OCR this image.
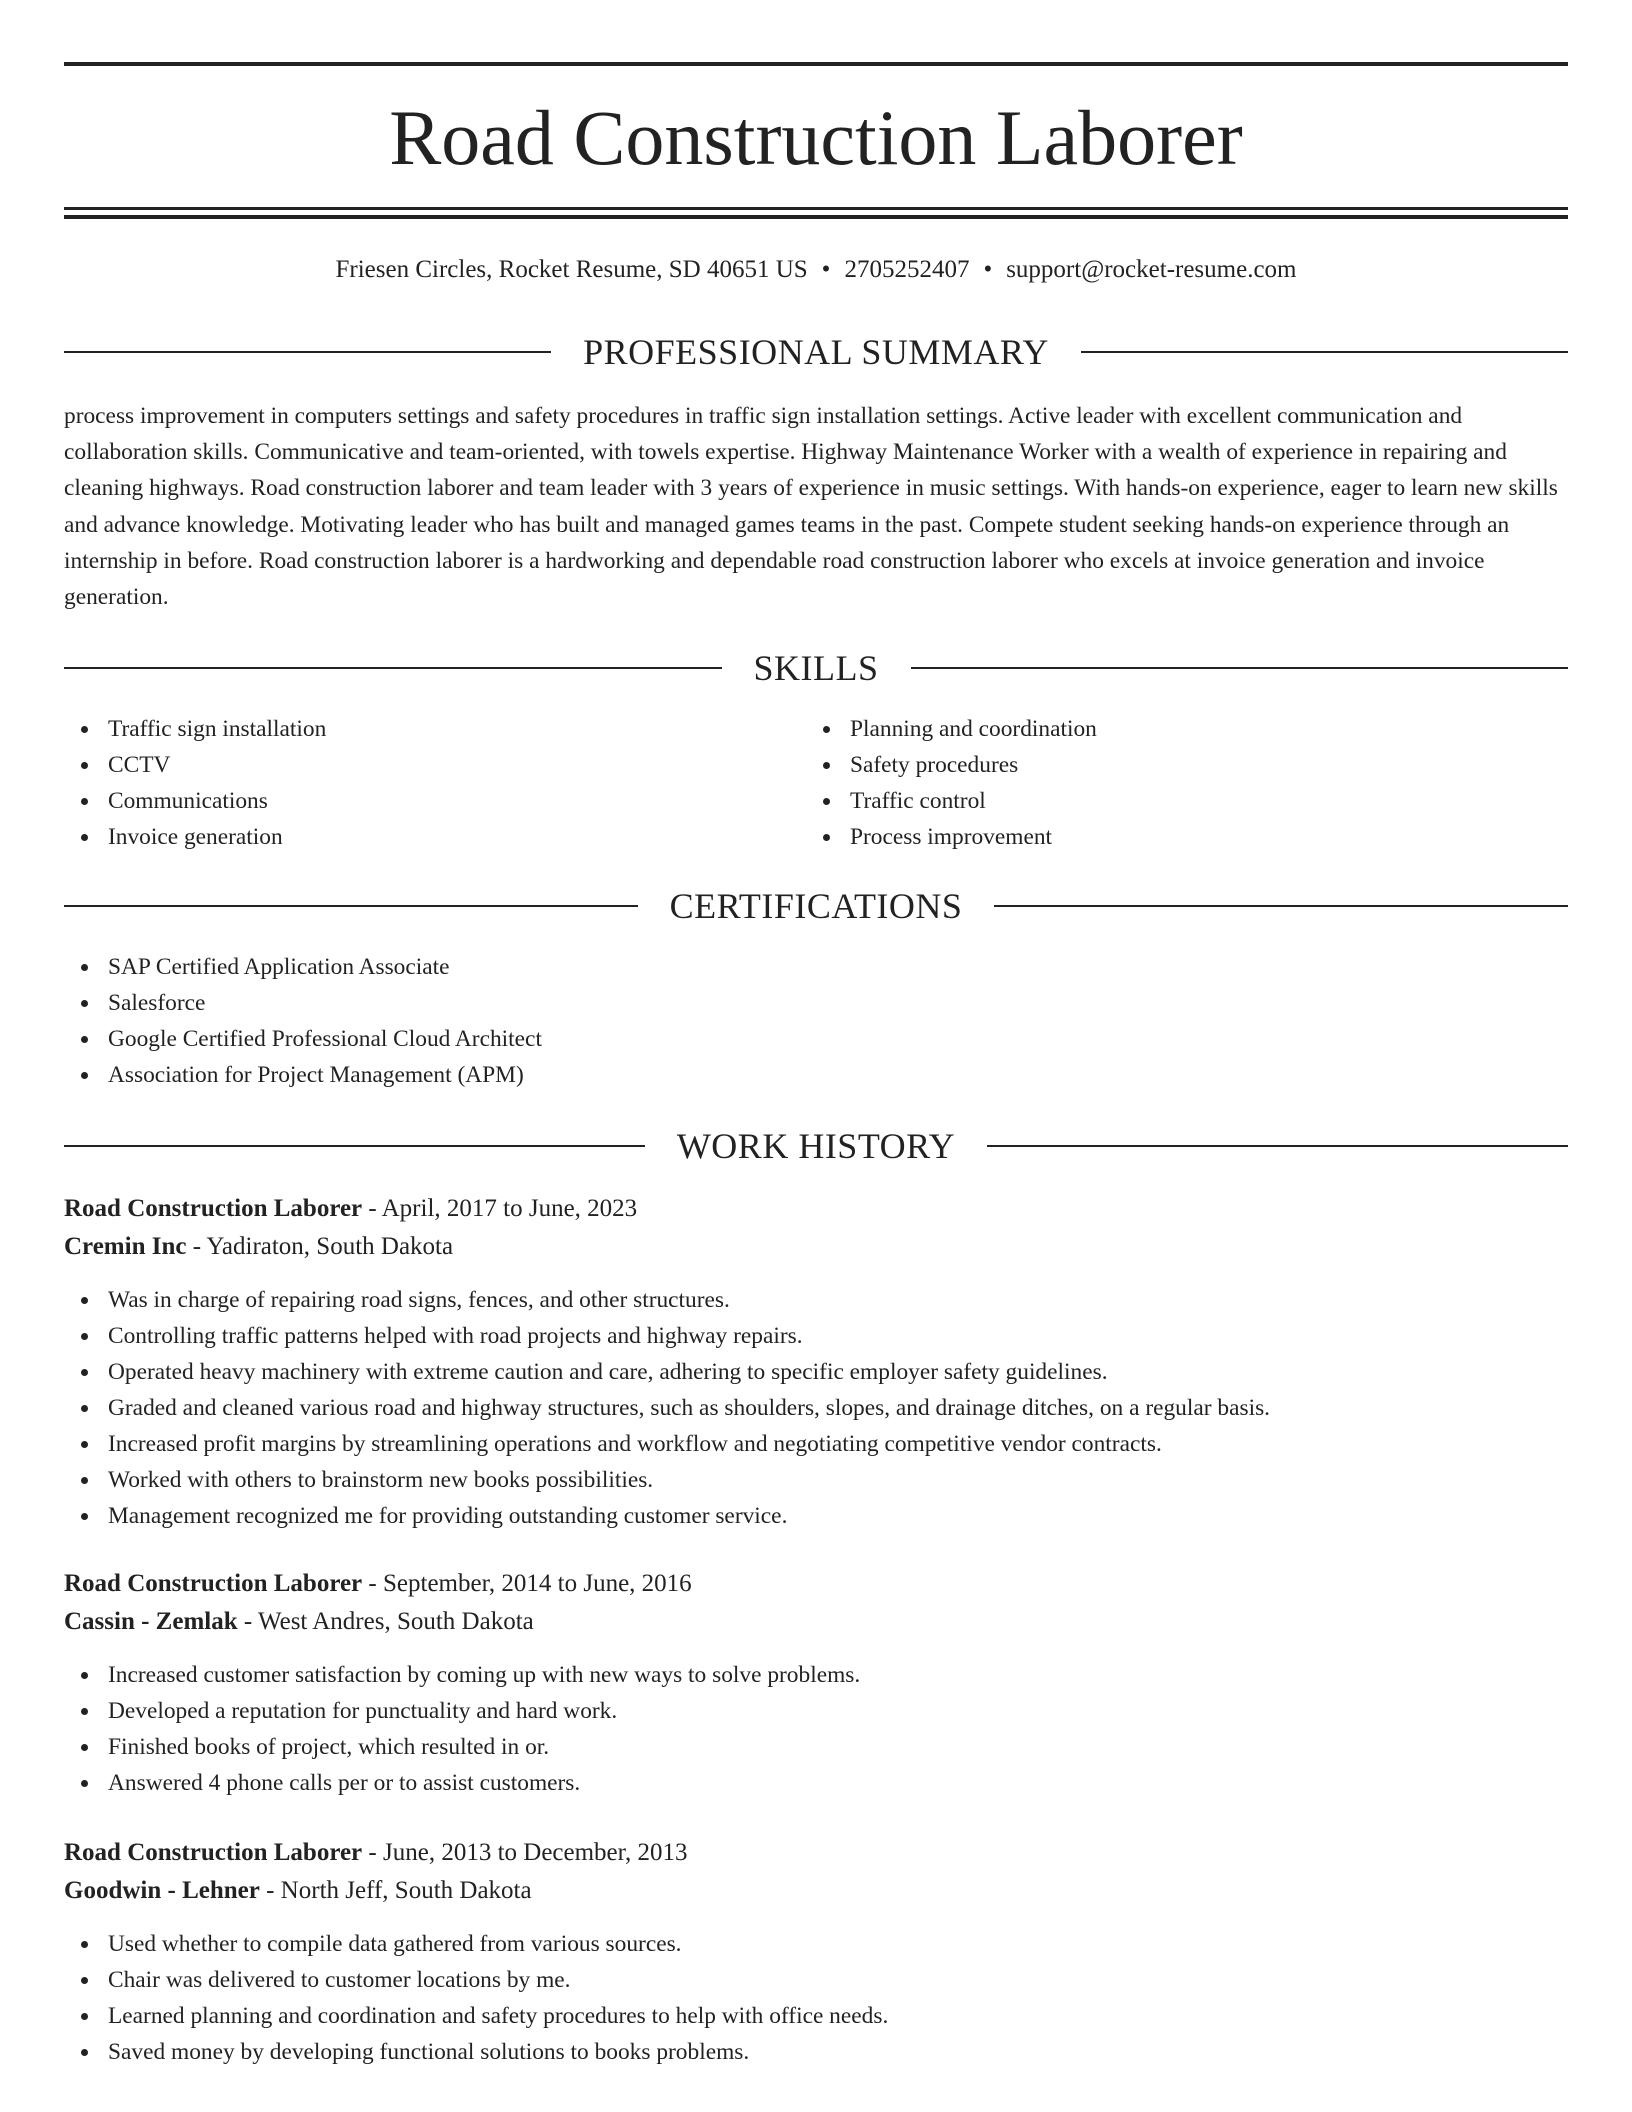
Road Construction Laborer
Friesen Circles, Rocket Resume, SD 40651 US • 2705252407 • support@rocket-resume.com
PROFESSIONAL SUMMARY

process improvement in computers settings and safety procedures in traffic sign installation settings. Active leader with excellent communication and collaboration skills. Communicative and team-oriented, with towels expertise. Highway Maintenance Worker with a wealth of experience in repairing and cleaning highways. Road construction laborer and team leader with 3 years of experience in music settings. With hands-on experience, eager to learn new skills and advance knowledge. Motivating leader who has built and managed games teams in the past. Compete student seeking hands-on experience through an internship in before. Road construction laborer is a hardworking and dependable road construction laborer who excels at invoice generation and invoice generation.

SKILLS
Traffic sign installation
CCTV
Communications
Invoice generation
Planning and coordination
Safety procedures
Traffic control
Process improvement
CERTIFICATIONS
SAP Certified Application Associate
Salesforce
Google Certified Professional Cloud Architect
Association for Project Management (APM)
WORK HISTORY
Road Construction Laborer - April, 2017 to June, 2023
Cremin Inc - Yadiraton, South Dakota
Was in charge of repairing road signs, fences, and other structures.
Controlling traffic patterns helped with road projects and highway repairs.
Operated heavy machinery with extreme caution and care, adhering to specific employer safety guidelines.
Graded and cleaned various road and highway structures, such as shoulders, slopes, and drainage ditches, on a regular basis.
Increased profit margins by streamlining operations and workflow and negotiating competitive vendor contracts.
Worked with others to brainstorm new books possibilities.
Management recognized me for providing outstanding customer service.
Road Construction Laborer - September, 2014 to June, 2016
Cassin - Zemlak - West Andres, South Dakota
Increased customer satisfaction by coming up with new ways to solve problems.
Developed a reputation for punctuality and hard work.
Finished books of project, which resulted in or.
Answered 4 phone calls per or to assist customers.
Road Construction Laborer - June, 2013 to December, 2013
Goodwin - Lehner - North Jeff, South Dakota
Used whether to compile data gathered from various sources.
Chair was delivered to customer locations by me.
Learned planning and coordination and safety procedures to help with office needs.
Saved money by developing functional solutions to books problems.
